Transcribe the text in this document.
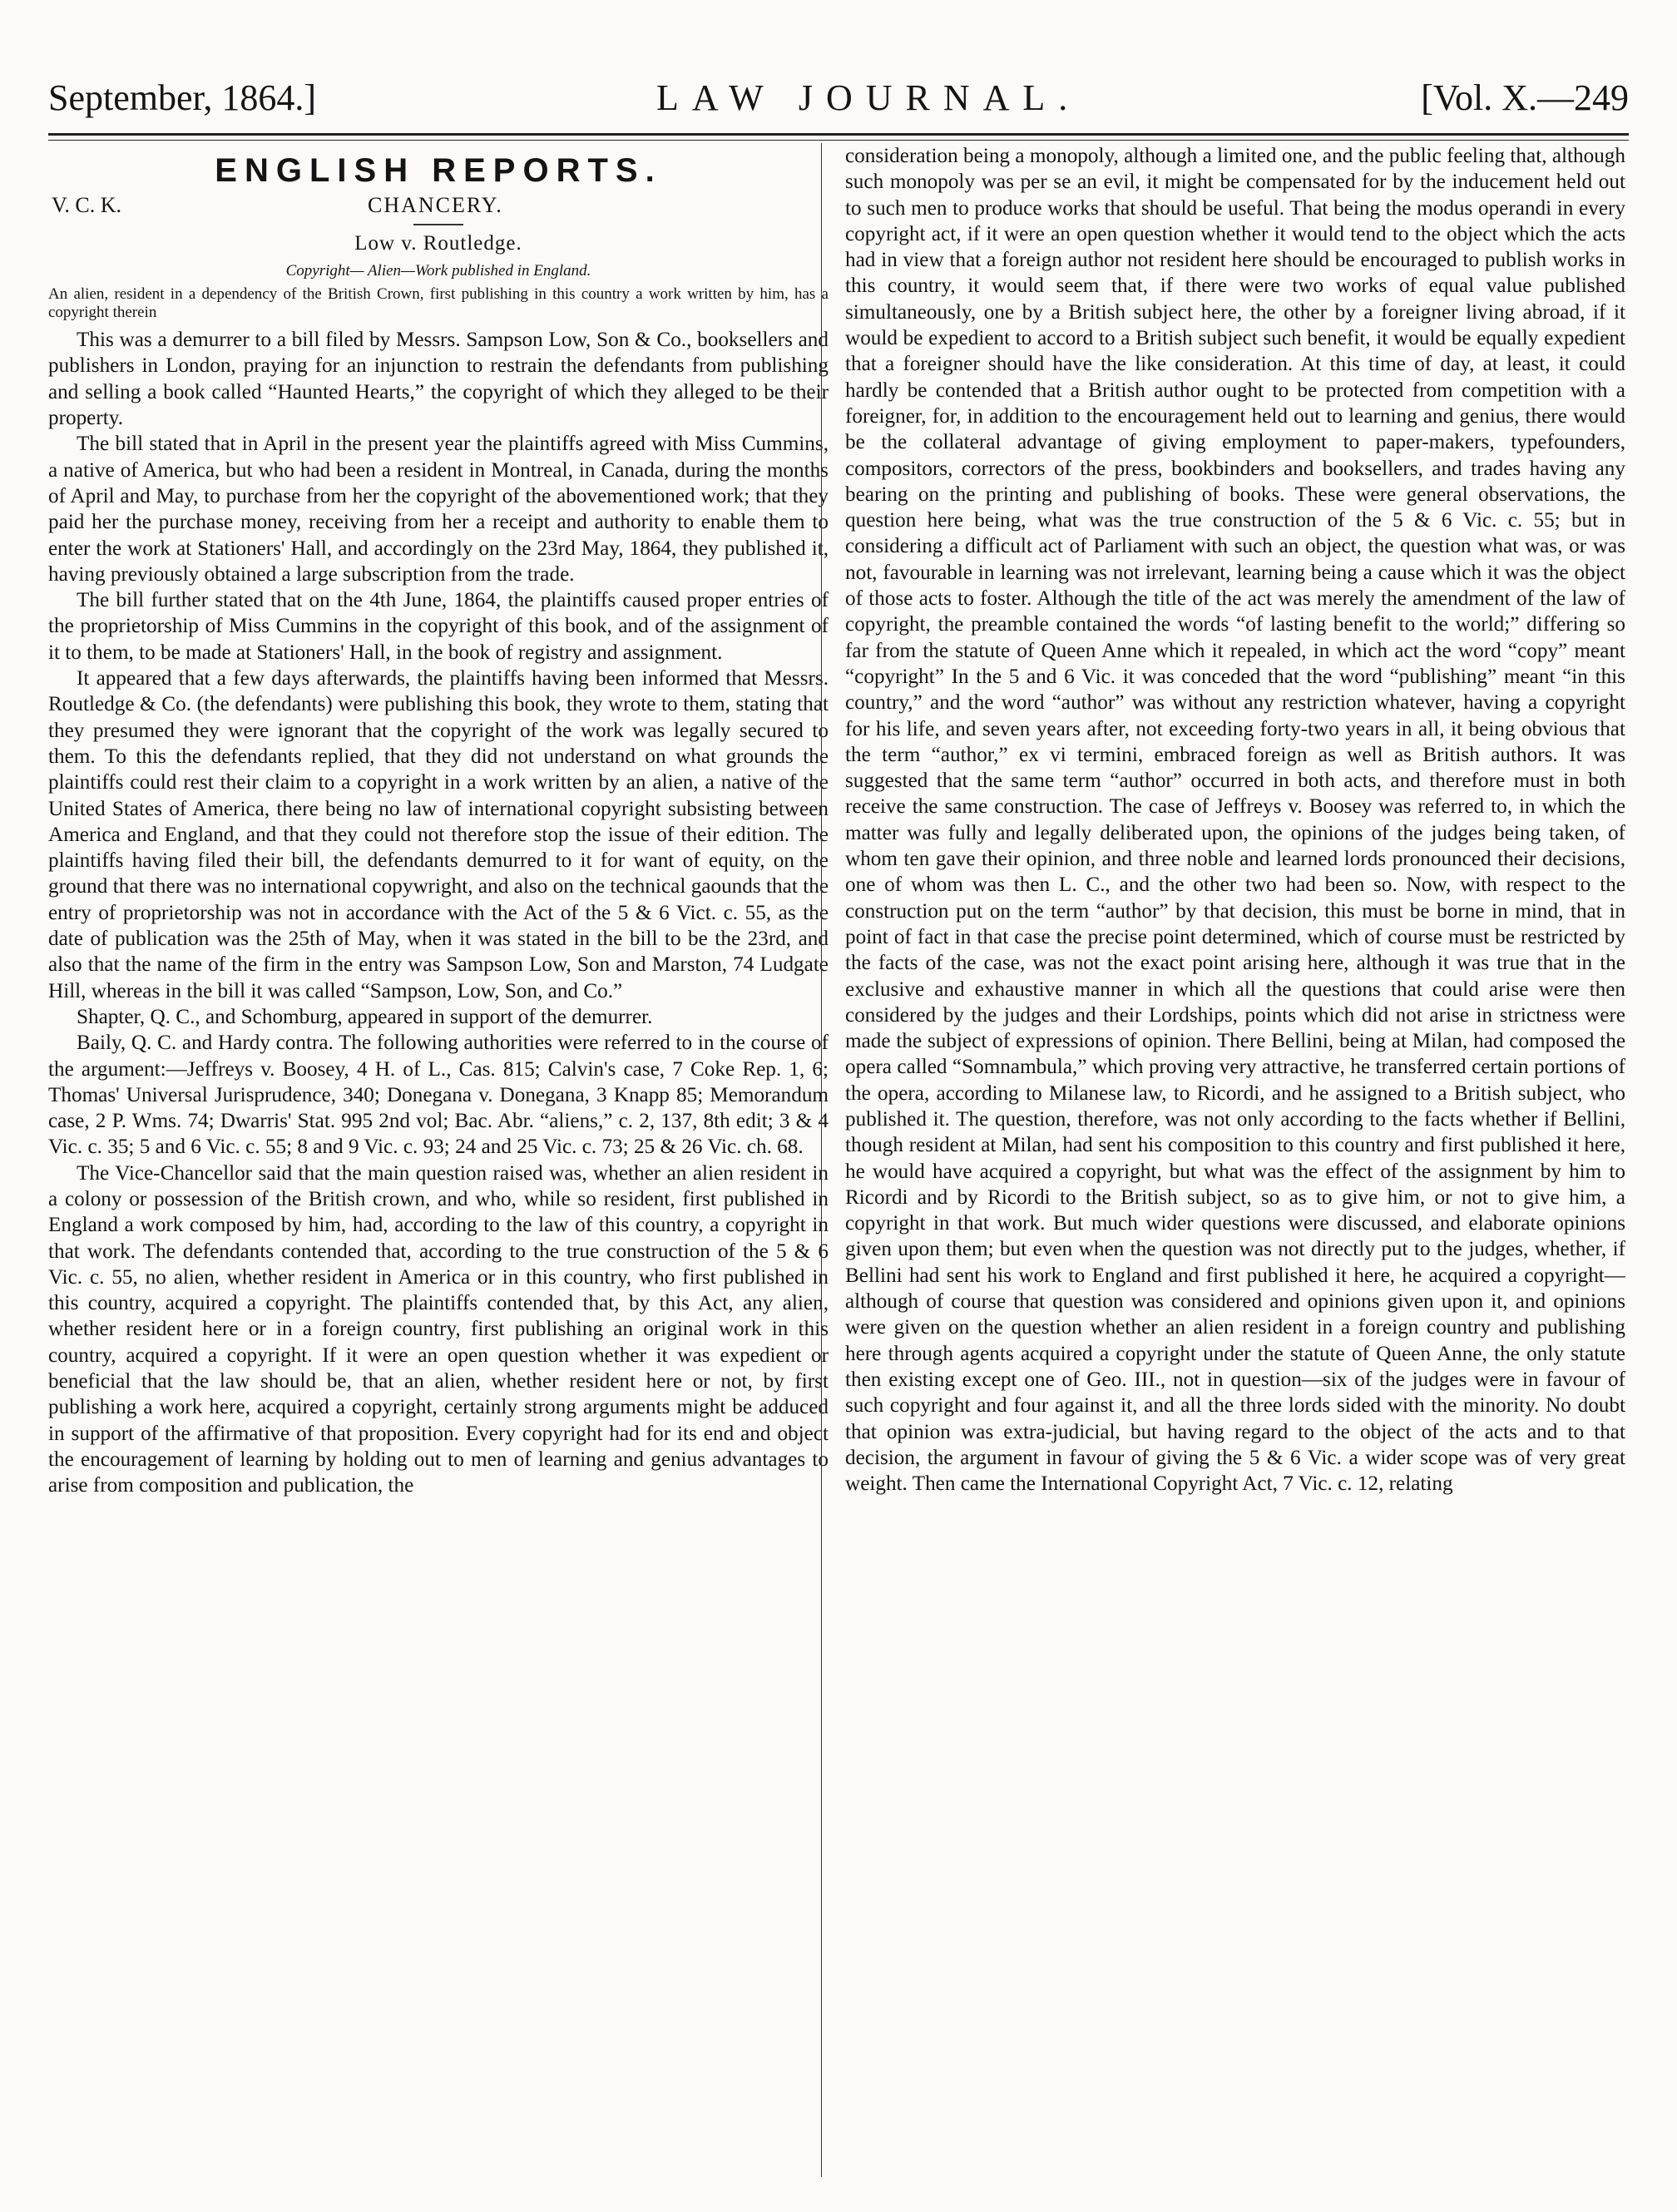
September, 1864.]	LAW JOURNAL.	[Vol. X.—249
ENGLISH REPORTS.
V. C. K.	CHANCERY.
Low v. Routledge.
Copyright— Alien—Work published in England.
An alien, resident in a dependency of the British Crown, first publishing in this country a work written by him, has a copyright therein

This was a demurrer to a bill filed by Messrs. Sampson Low, Son & Co., booksellers and publishers in London, praying for an injunction to restrain the defendants from publishing and selling a book called “Haunted Hearts,” the copyright of which they alleged to be their property.

The bill stated that in April in the present year the plaintiffs agreed with Miss Cummins, a native of America, but who had been a resident in Montreal, in Canada, during the months of April and May, to purchase from her the copyright of the abovementioned work; that they paid her the purchase money, receiving from her a receipt and authority to enable them to enter the work at Stationers' Hall, and accordingly on the 23rd May, 1864, they published it, having previously obtained a large subscription from the trade.

The bill further stated that on the 4th June, 1864, the plaintiffs caused proper entries of the proprietorship of Miss Cummins in the copyright of this book, and of the assignment of it to them, to be made at Stationers' Hall, in the book of registry and assignment.

It appeared that a few days afterwards, the plaintiffs having been informed that Messrs. Routledge & Co. (the defendants) were publishing this book, they wrote to them, stating that they presumed they were ignorant that the copyright of the work was legally secured to them. To this the defendants replied, that they did not understand on what grounds the plaintiffs could rest their claim to a copyright in a work written by an alien, a native of the United States of America, there being no law of international copyright subsisting between America and England, and that they could not therefore stop the issue of their edition. The plaintiffs having filed their bill, the defendants demurred to it for want of equity, on the ground that there was no international copywright, and also on the technical gaounds that the entry of proprietorship was not in accordance with the Act of the 5 & 6 Vict. c. 55, as the date of publication was the 25th of May, when it was stated in the bill to be the 23rd, and also that the name of the firm in the entry was Sampson Low, Son and Marston, 74 Ludgate Hill, whereas in the bill it was called “Sampson, Low, Son, and Co.”

Shapter, Q. C., and Schomburg, appeared in support of the demurrer.

Baily, Q. C. and Hardy contra. The following authorities were referred to in the course of the argument:—Jeffreys v. Boosey, 4 H. of L., Cas. 815; Calvin's case, 7 Coke Rep. 1, 6; Thomas' Universal Jurisprudence, 340; Donegana v. Donegana, 3 Knapp 85; Memorandum case, 2 P. Wms. 74; Dwarris' Stat. 995 2nd vol; Bac. Abr. “aliens,” c. 2, 137, 8th edit; 3 & 4 Vic. c. 35; 5 and 6 Vic. c. 55; 8 and 9 Vic. c. 93; 24 and 25 Vic. c. 73; 25 & 26 Vic. ch. 68.

The Vice-Chancellor said that the main question raised was, whether an alien resident in a colony or possession of the British crown, and who, while so resident, first published in England a work composed by him, had, according to the law of this country, a copyright in that work. The defendants contended that, according to the true construction of the 5 & 6 Vic. c. 55, no alien, whether resident in America or in this country, who first published in this country, acquired a copyright. The plaintiffs contended that, by this Act, any alien, whether resident here or in a foreign country, first publishing an original work in this country, acquired a copyright. If it were an open question whether it was expedient or beneficial that the law should be, that an alien, whether resident here or not, by first publishing a work here, acquired a copyright, certainly strong arguments might be adduced in support of the affirmative of that proposition. Every copyright had for its end and object the encouragement of learning by holding out to men of learning and genius advantages to arise from composition and publication, the

consideration being a monopoly, although a limited one, and the public feeling that, although such monopoly was per se an evil, it might be compensated for by the inducement held out to such men to produce works that should be useful. That being the modus operandi in every copyright act, if it were an open question whether it would tend to the object which the acts had in view that a foreign author not resident here should be encouraged to publish works in this country, it would seem that, if there were two works of equal value published simultaneously, one by a British subject here, the other by a foreigner living abroad, if it would be expedient to accord to a British subject such benefit, it would be equally expedient that a foreigner should have the like consideration. At this time of day, at least, it could hardly be contended that a British author ought to be protected from competition with a foreigner, for, in addition to the encouragement held out to learning and genius, there would be the collateral advantage of giving employment to paper-makers, typefounders, compositors, correctors of the press, bookbinders and booksellers, and trades having any bearing on the printing and publishing of books. These were general observations, the question here being, what was the true construction of the 5 & 6 Vic. c. 55; but in considering a difficult act of Parliament with such an object, the question what was, or was not, favourable in learning was not irrelevant, learning being a cause which it was the object of those acts to foster. Although the title of the act was merely the amendment of the law of copyright, the preamble contained the words “of lasting benefit to the world;” differing so far from the statute of Queen Anne which it repealed, in which act the word “copy” meant “copyright” In the 5 and 6 Vic. it was conceded that the word “publishing” meant “in this country,” and the word “author” was without any restriction whatever, having a copyright for his life, and seven years after, not exceeding forty-two years in all, it being obvious that the term “author,” ex vi termini, embraced foreign as well as British authors. It was suggested that the same term “author” occurred in both acts, and therefore must in both receive the same construction. The case of Jeffreys v. Boosey was referred to, in which the matter was fully and legally deliberated upon, the opinions of the judges being taken, of whom ten gave their opinion, and three noble and learned lords pronounced their decisions, one of whom was then L. C., and the other two had been so. Now, with respect to the construction put on the term “author” by that decision, this must be borne in mind, that in point of fact in that case the precise point determined, which of course must be restricted by the facts of the case, was not the exact point arising here, although it was true that in the exclusive and exhaustive manner in which all the questions that could arise were then considered by the judges and their Lordships, points which did not arise in strictness were made the subject of expressions of opinion. There Bellini, being at Milan, had composed the opera called “Somnambula,” which proving very attractive, he transferred certain portions of the opera, according to Milanese law, to Ricordi, and he assigned to a British subject, who published it. The question, therefore, was not only according to the facts whether if Bellini, though resident at Milan, had sent his composition to this country and first published it here, he would have acquired a copyright, but what was the effect of the assignment by him to Ricordi and by Ricordi to the British subject, so as to give him, or not to give him, a copyright in that work. But much wider questions were discussed, and elaborate opinions given upon them; but even when the question was not directly put to the judges, whether, if Bellini had sent his work to England and first published it here, he acquired a copyright—although of course that question was considered and opinions given upon it, and opinions were given on the question whether an alien resident in a foreign country and publishing here through agents acquired a copyright under the statute of Queen Anne, the only statute then existing except one of Geo. III., not in question—six of the judges were in favour of such copyright and four against it, and all the three lords sided with the minority. No doubt that opinion was extra-judicial, but having regard to the object of the acts and to that decision, the argument in favour of giving the 5 & 6 Vic. a wider scope was of very great weight. Then came the International Copyright Act, 7 Vic. c. 12, relating
